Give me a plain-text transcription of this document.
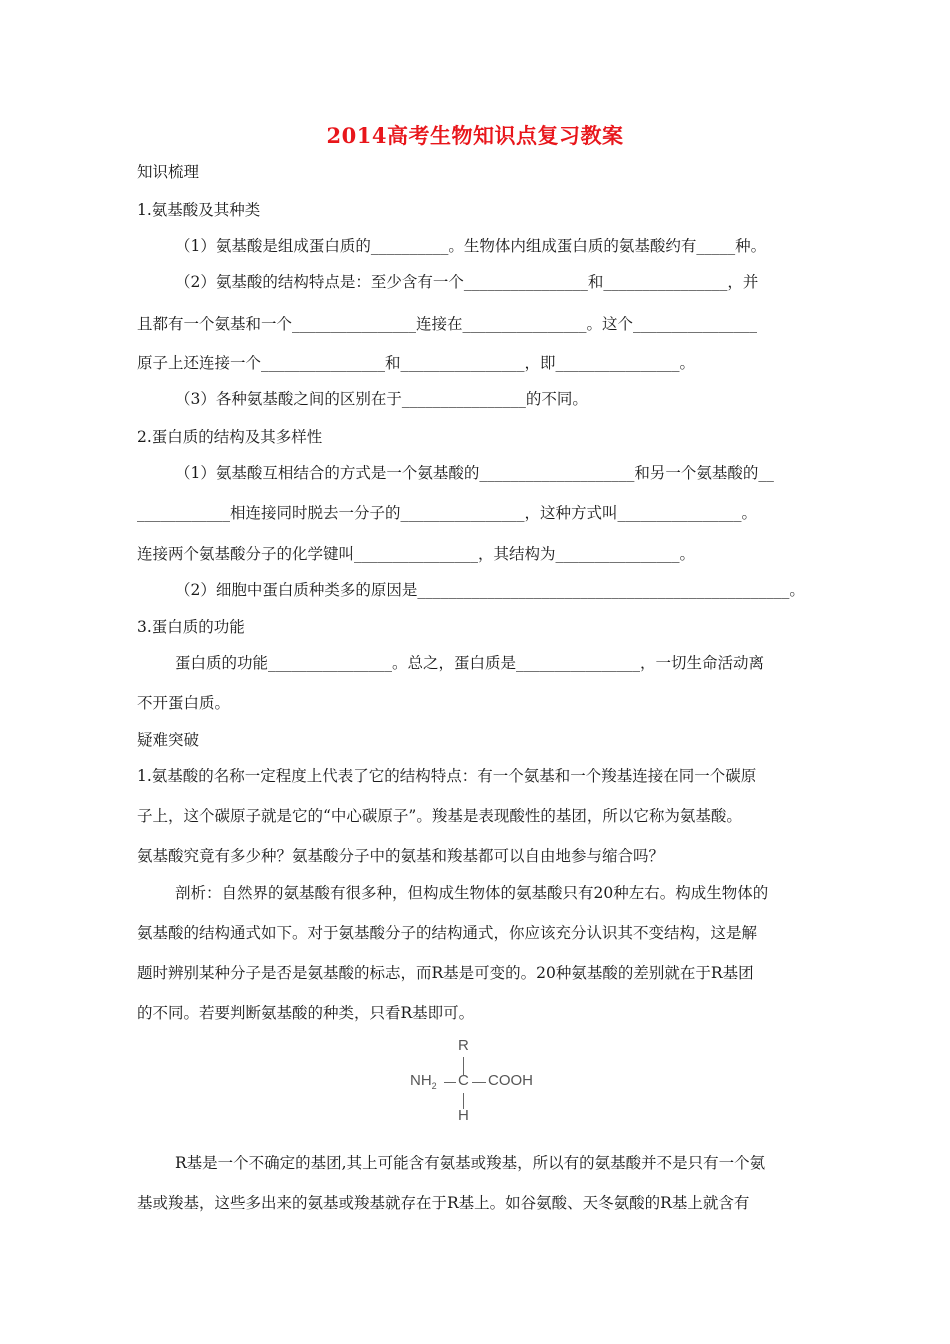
2014高考生物知识点复习教案
知识梳理
1.氨基酸及其种类
（1）氨基酸是组成蛋白质的__________。生物体内组成蛋白质的氨基酸约有_____种。
（2）氨基酸的结构特点是：至少含有一个________________和________________，并
且都有一个氨基和一个________________连接在________________。这个________________
原子上还连接一个________________和________________，即________________。
（3）各种氨基酸之间的区别在于________________的不同。
2.蛋白质的结构及其多样性
（1）氨基酸互相结合的方式是一个氨基酸的____________________和另一个氨基酸的__
____________相连接同时脱去一分子的________________，这种方式叫________________。
连接两个氨基酸分子的化学键叫________________，其结构为________________。
（2）细胞中蛋白质种类多的原因是________________________________________________。
3.蛋白质的功能
蛋白质的功能________________。总之，蛋白质是________________，一切生命活动离
不开蛋白质。
疑难突破
1.氨基酸的名称一定程度上代表了它的结构特点：有一个氨基和一个羧基连接在同一个碳原
子上，这个碳原子就是它的“中心碳原子”。羧基是表现酸性的基团，所以它称为氨基酸。
氨基酸究竟有多少种？氨基酸分子中的氨基和羧基都可以自由地参与缩合吗？
剖析：自然界的氨基酸有很多种，但构成生物体的氨基酸只有20种左右。构成生物体的
氨基酸的结构通式如下。对于氨基酸分子的结构通式，你应该充分认识其不变结构，这是解
题时辨别某种分子是否是氨基酸的标志，而R基是可变的。20种氨基酸的差别就在于R基团
的不同。若要判断氨基酸的种类，只看R基即可。
R
$NH_2$ C COOH
H
R基是一个不确定的基团,其上可能含有氨基或羧基，所以有的氨基酸并不是只有一个氨
基或羧基，这些多出来的氨基或羧基就存在于R基上。如谷氨酸、天冬氨酸的R基上就含有
